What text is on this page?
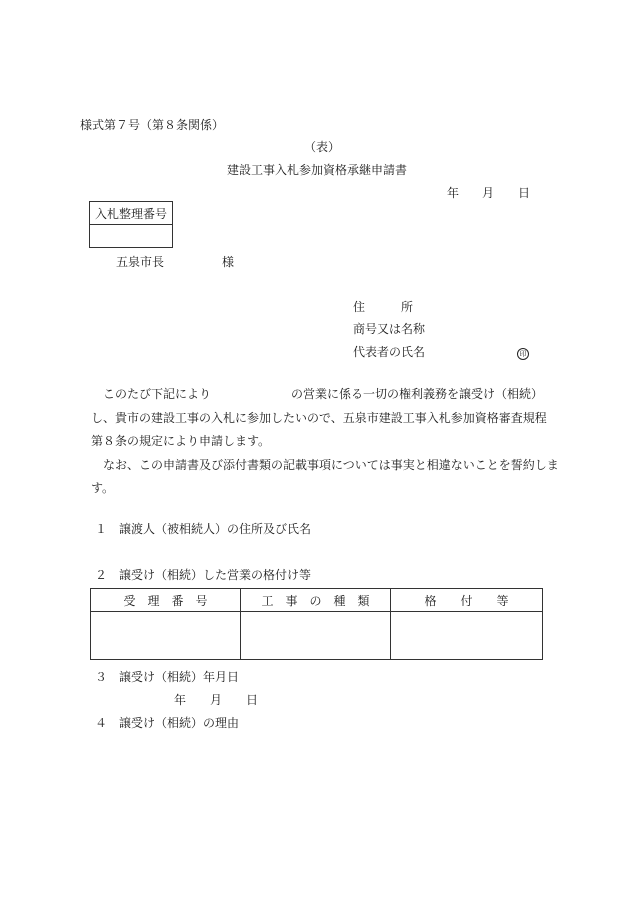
様式第７号（第８条関係）
（表）
建設工事入札参加資格承継申請書
年 月 日
入札整理番号

五泉市長	様
住　　　所
商号又は名称
代表者の氏名	印

　このたび下記により	の営業に係る一切の権利義務を譲受け（相続）

し、貴市の建設工事の入札に参加したいので、五泉市建設工事入札参加資格審査規程

第８条の規定により申請します。

　なお、この申請書及び添付書類の記載事項については事実と相違ないことを誓約しま

す。

１　譲渡人（被相続人）の住所及び氏名
２　譲受け（相続）した営業の格付け等
受　理　番　号	工　事　の　種　類	格　　付　　等

３　譲受け（相続）年月日
年 月 日
４　譲受け（相続）の理由
